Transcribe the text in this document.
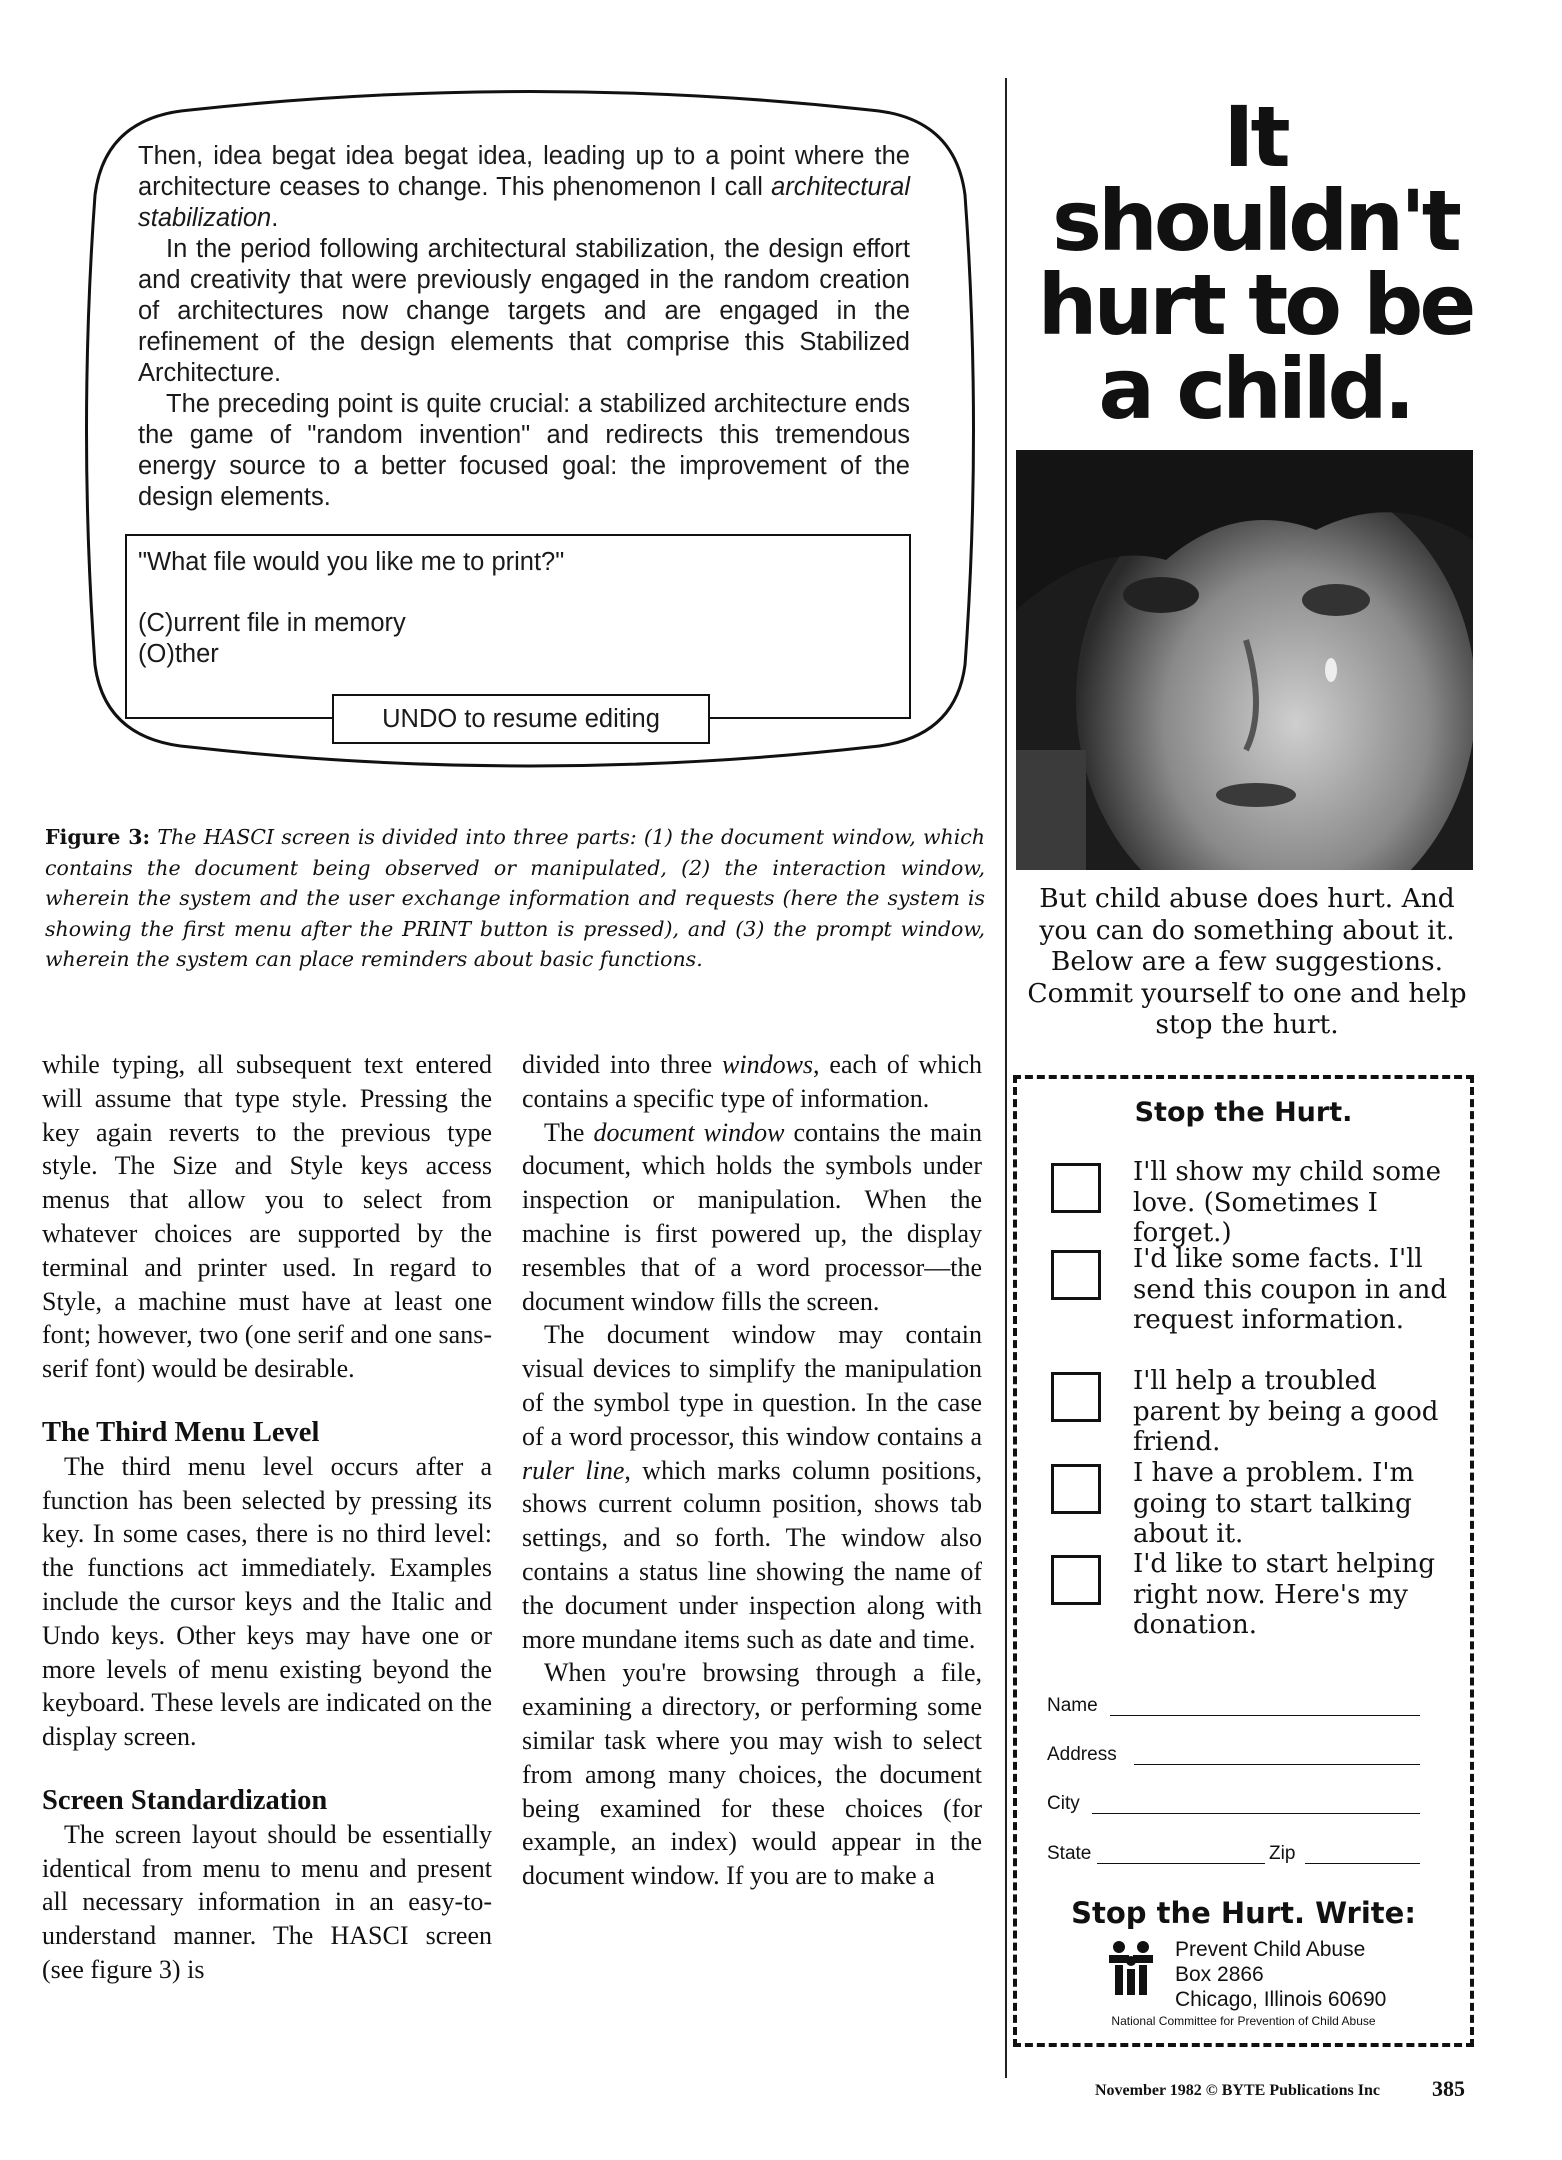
Then, idea begat idea begat idea, leading up to a point where the architecture ceases to change. This phenomenon I call architectural stabilization.

In the period following architectural stabilization, the design effort and creativity that were previously engaged in the random creation of architectures now change targets and are engaged in the refinement of the design elements that comprise this Stabilized Architecture.

The preceding point is quite crucial: a stabilized architecture ends the game of "random invention" and redirects this tremendous energy source to a better focused goal: the improvement of the design elements.

"What file would you like me to print?"
(C)urrent file in memory
(O)ther
UNDO to resume editing
Figure 3: The HASCI screen is divided into three parts: (1) the document window, which contains the document being observed or manipulated, (2) the interaction window, wherein the system and the user exchange information and requests (here the system is showing the first menu after the PRINT button is pressed), and (3) the prompt window, wherein the system can place reminders about basic functions.

while typing, all subsequent text entered will assume that type style. Pressing the key again reverts to the previous type style. The Size and Style keys access menus that allow you to select from whatever choices are supported by the terminal and printer used. In regard to Style, a machine must have at least one font; however, two (one serif and one sans-serif font) would be desirable.

The Third Menu Level

The third menu level occurs after a function has been selected by pressing its key. In some cases, there is no third level: the functions act immediately. Examples include the cursor keys and the Italic and Undo keys. Other keys may have one or more levels of menu existing beyond the keyboard. These levels are indicated on the display screen.

Screen Standardization

The screen layout should be essentially identical from menu to menu and present all necessary information in an easy-to-understand manner. The HASCI screen (see figure 3) is

divided into three windows, each of which contains a specific type of information.

The document window contains the main document, which holds the symbols under inspection or manipulation. When the machine is first powered up, the display resembles that of a word processor—the document window fills the screen.

The document window may contain visual devices to simplify the manipulation of the symbol type in question. In the case of a word processor, this window contains a ruler line, which marks column positions, shows current column position, shows tab settings, and so forth. The window also contains a status line showing the name of the document under inspection along with more mundane items such as date and time.

When you're browsing through a file, examining a directory, or performing some similar task where you may wish to select from among many choices, the document being examined for these choices (for example, an index) would appear in the document window. If you are to make a

It
shouldn't
hurt to be
a child.
But child abuse does hurt. And you can do something about it. Below are a few suggestions. Commit yourself to one and help stop the hurt.
Stop the Hurt.
I'll show my child some love. (Sometimes I forget.)
I'd like some facts. I'll send this coupon in and request information.
I'll help a troubled parent by being a good friend.
I have a problem. I'm going to start talking about it.
I'd like to start helping right now. Here's my donation.
Name
Address
City
State	Zip
Stop the Hurt. Write:
Prevent Child Abuse
Box 2866
Chicago, Illinois 60690
National Committee for Prevention of Child Abuse
November 1982 © BYTE Publications Inc 385
